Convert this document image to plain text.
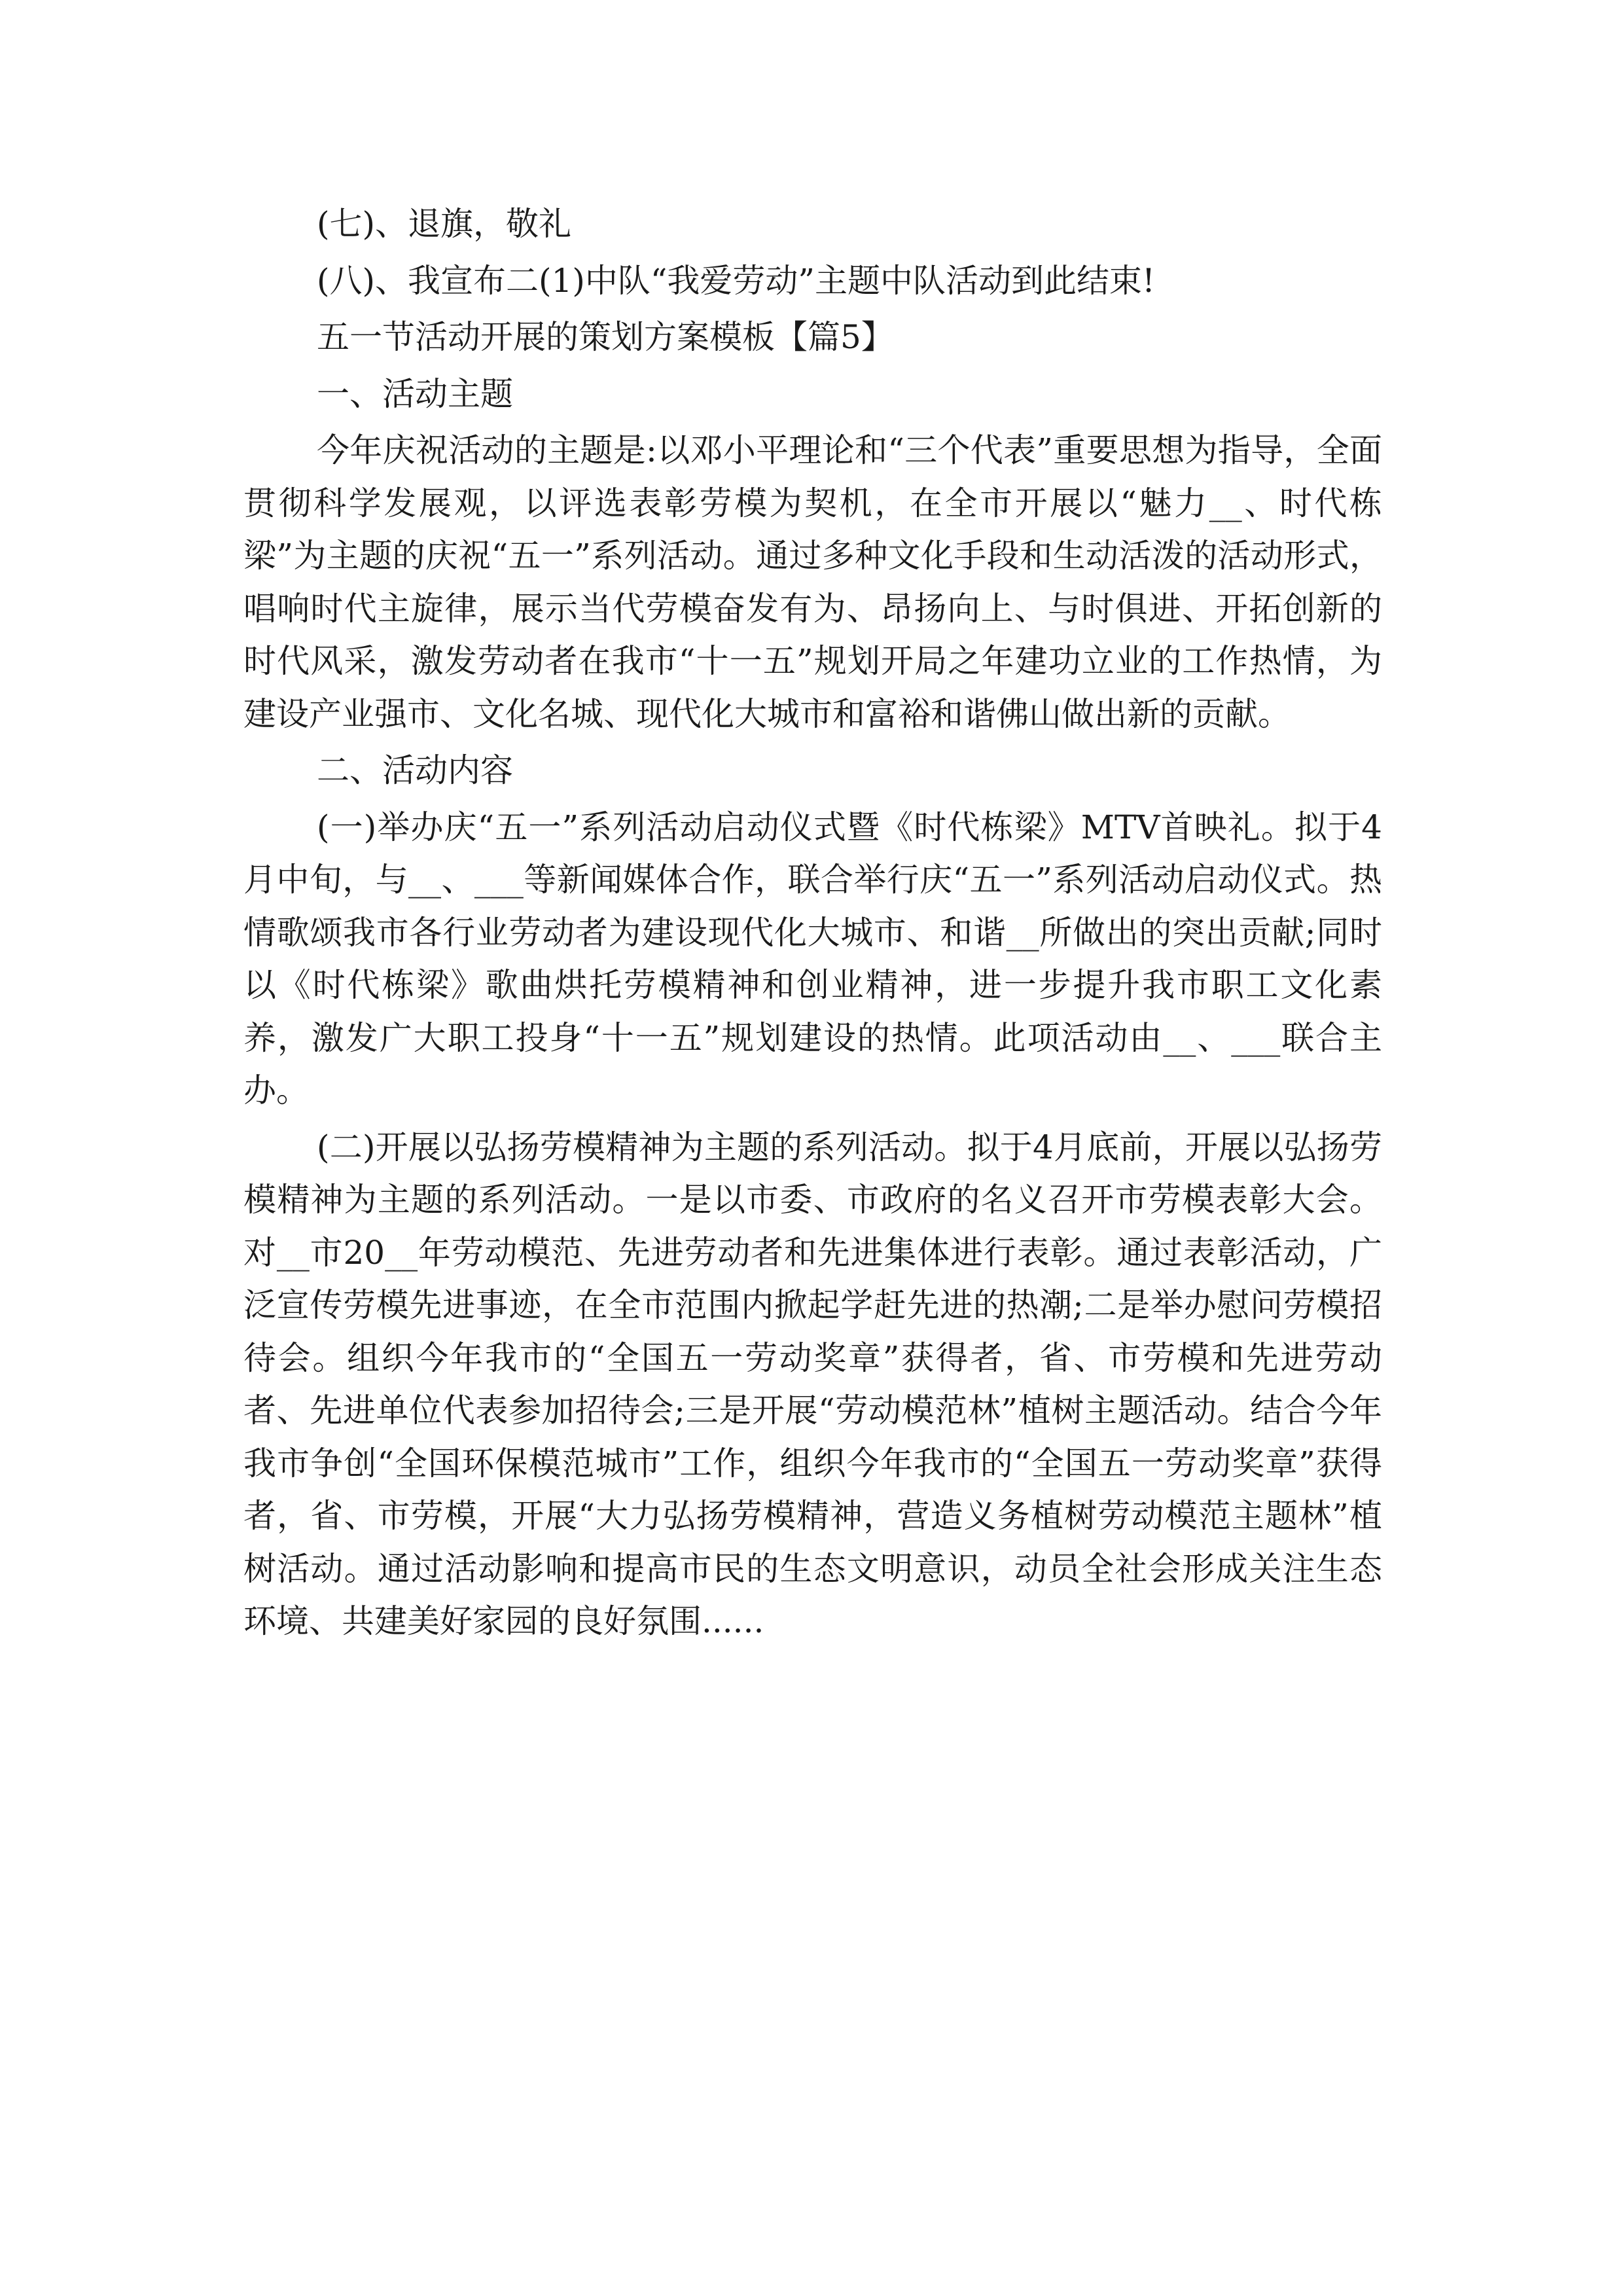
(七)、退旗，敬礼

(八)、我宣布二(1)中队“我爱劳动”主题中队活动到此结束!

五一节活动开展的策划方案模板【篇5】

一、活动主题

今年庆祝活动的主题是:以邓小平理论和“三个代表”重要思想为指导，全面贯彻科学发展观，以评选表彰劳模为契机，在全市开展以“魅力__、时代栋梁”为主题的庆祝“五一”系列活动。通过多种文化手段和生动活泼的活动形式，唱响时代主旋律，展示当代劳模奋发有为、昂扬向上、与时俱进、开拓创新的时代风采，激发劳动者在我市“十一五”规划开局之年建功立业的工作热情，为建设产业强市、文化名城、现代化大城市和富裕和谐佛山做出新的贡献。

二、活动内容

(一)举办庆“五一”系列活动启动仪式暨《时代栋梁》MTV首映礼。拟于4月中旬，与__、___等新闻媒体合作，联合举行庆“五一”系列活动启动仪式。热情歌颂我市各行业劳动者为建设现代化大城市、和谐__所做出的突出贡献;同时以《时代栋梁》歌曲烘托劳模精神和创业精神，进一步提升我市职工文化素养，激发广大职工投身“十一五”规划建设的热情。此项活动由__、___联合主办。

(二)开展以弘扬劳模精神为主题的系列活动。拟于4月底前，开展以弘扬劳模精神为主题的系列活动。一是以市委、市政府的名义召开市劳模表彰大会。对__市20__年劳动模范、先进劳动者和先进集体进行表彰。通过表彰活动，广泛宣传劳模先进事迹，在全市范围内掀起学赶先进的热潮;二是举办慰问劳模招待会。组织今年我市的“全国五一劳动奖章”获得者，省、市劳模和先进劳动者、先进单位代表参加招待会;三是开展“劳动模范林”植树主题活动。结合今年我市争创“全国环保模范城市”工作，组织今年我市的“全国五一劳动奖章”获得者，省、市劳模，开展“大力弘扬劳模精神，营造义务植树劳动模范主题林”植树活动。通过活动影响和提高市民的生态文明意识，动员全社会形成关注生态环境、共建美好家园的良好氛围......
